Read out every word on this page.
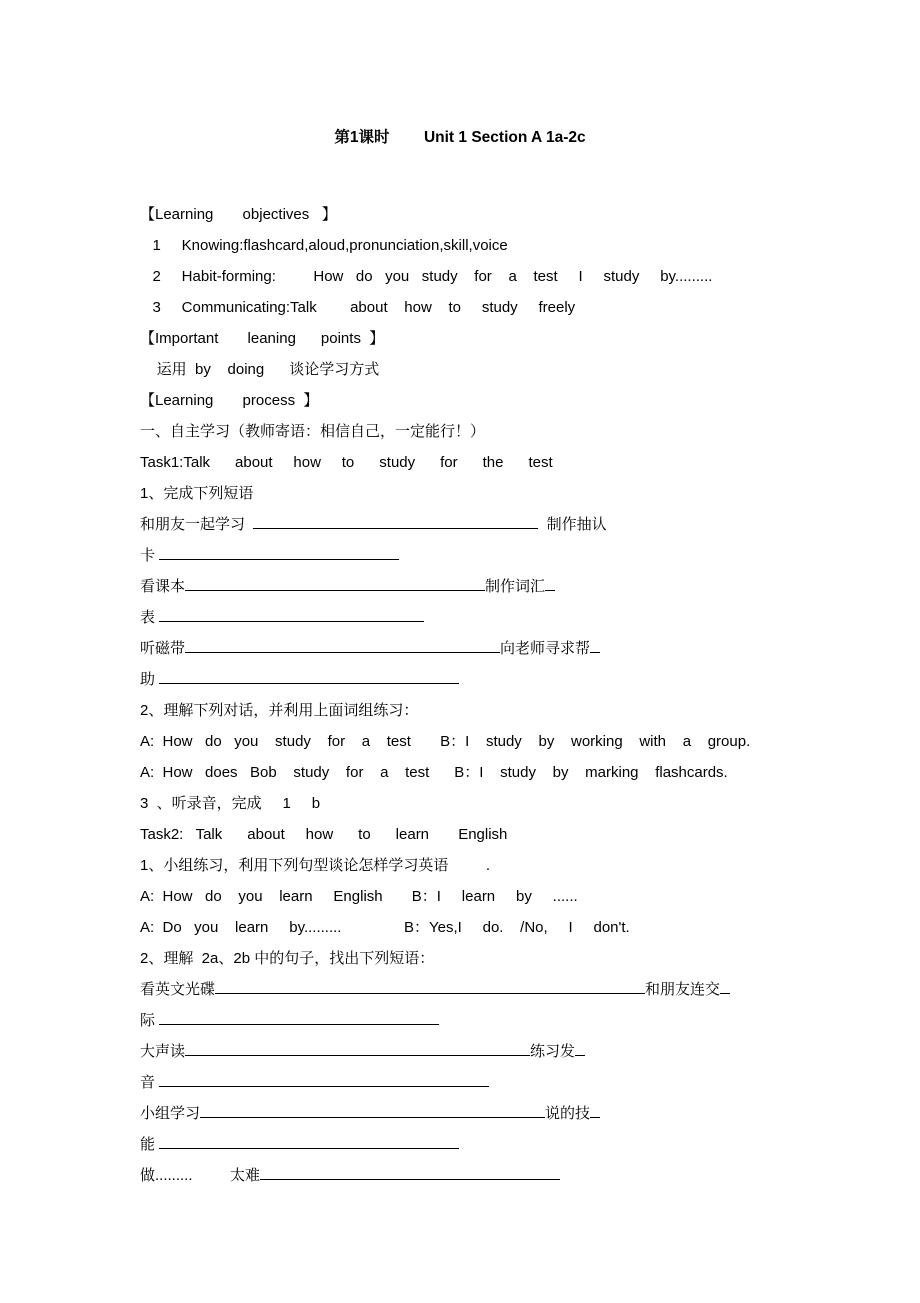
第1课时        Unit 1 Section A 1a-2c
【Learning       objectives   】
1     Knowing:flashcard,aloud,pronunciation,skill,voice
2     Habit-forming:         How   do   you   study    for    a    test     I     study     by.........
3     Communicating:Talk        about    how    to     study     freely
【Important       leaning      points  】
运用  by    doing      谈论学习方式
【Learning       process  】
一、自主学习（教师寄语：相信自己，一定能行！）
Task1:Talk      about     how     to      study      for      the      test
1、完成下列短语
和朋友一起学习	制作抽认
卡
看课本	制作词汇
表
听磁带	向老师寻求帮
助
2、理解下列对话，并利用上面词组练习：
A:  How   do   you    study    for    a    test       B：I    study    by    working    with    a    group.
A:  How   does   Bob    study    for    a    test      B：I    study    by    marking    flashcards.
3  、听录音，完成     1     b
Task2:   Talk      about     how      to      learn       English
1、小组练习，利用下列句型谈论怎样学习英语         .
A:  How   do    you    learn     English       B：I     learn     by     ......
A:  Do   you    learn     by.........               B：Yes,I     do.    /No,     I     don't.
2、理解  2a、2b 中的句子，找出下列短语：
看英文光碟	和朋友连交
际
大声读	练习发
音
小组学习	说的技
能
做.........         太难
